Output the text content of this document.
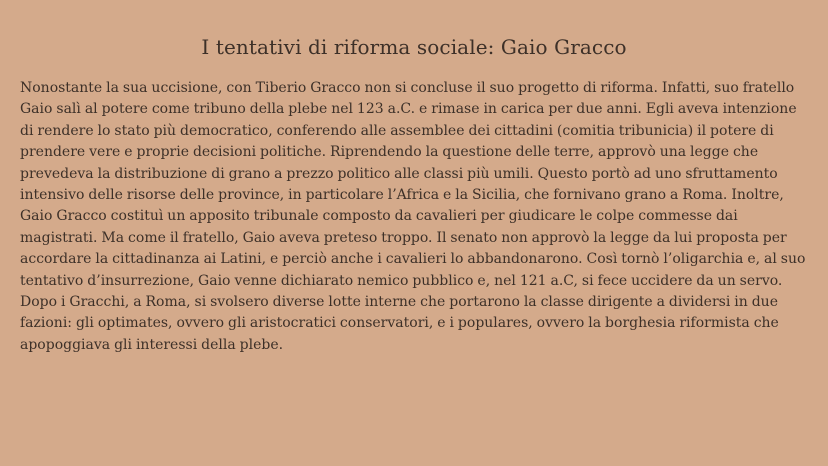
I tentativi di riforma sociale: Gaio Gracco

Nonostante la sua uccisione, con Tiberio Gracco non si concluse il suo progetto di riforma. Infatti, suo fratello Gaio salì al potere come tribuno della plebe nel 123 a.C. e rimase in carica per due anni. Egli aveva intenzione di rendere lo stato più democratico, conferendo alle assemblee dei cittadini (comitia tribunicia) il potere di prendere vere e proprie decisioni politiche. Riprendendo la questione delle terre, approvò una legge che prevedeva la distribuzione di grano a prezzo politico alle classi più umili. Questo portò ad uno sfruttamento intensivo delle risorse delle province, in particolare l’Africa e la Sicilia, che fornivano grano a Roma. Inoltre, Gaio Gracco costituì un apposito tribunale composto da cavalieri per giudicare le colpe commesse dai magistrati. Ma come il fratello, Gaio aveva preteso troppo. Il senato non approvò la legge da lui proposta per accordare la cittadinanza ai Latini, e perciò anche i cavalieri lo abbandonarono. Così tornò l’oligarchia e, al suo tentativo d’insurrezione, Gaio venne dichiarato nemico pubblico e, nel 121 a.C, si fece uccidere da un servo. Dopo i Gracchi, a Roma, si svolsero diverse lotte interne che portarono la classe dirigente a dividersi in due fazioni: gli optimates, ovvero gli aristocratici conservatori, e i populares, ovvero la borghesia riformista che apopoggiava gli interessi della plebe.
